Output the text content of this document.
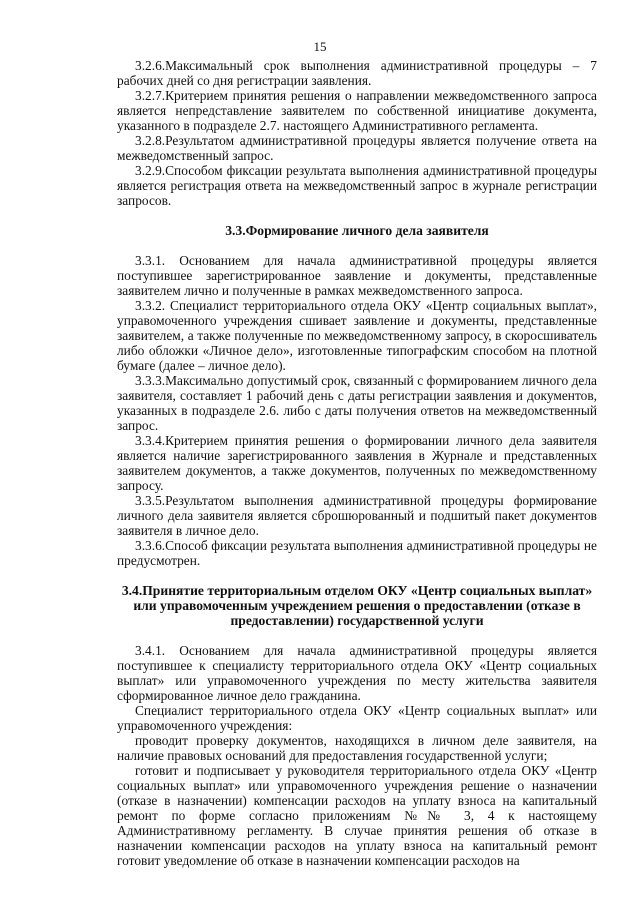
15

3.2.6.Максимальный срок выполнения административной процедуры – 7 рабочих дней со дня регистрации заявления.

3.2.7.Критерием принятия решения о направлении межведомственного запроса является непредставление заявителем по собственной инициативе документа, указанного в подразделе 2.7. настоящего Административного регламента.

3.2.8.Результатом административной процедуры является получение ответа на межведомственный запрос.

3.2.9.Способом фиксации результата выполнения административной процедуры является регистрация ответа на межведомственный запрос в журнале регистрации запросов.

3.3.Формирование личного дела заявителя

3.3.1. Основанием для начала административной процедуры является поступившее зарегистрированное заявление и документы, представленные заявителем лично и полученные в рамках межведомственного запроса.

3.3.2. Специалист территориального отдела ОКУ «Центр социальных выплат», управомоченного учреждения сшивает заявление и документы, представленные заявителем, а также полученные по межведомственному запросу, в скоросшиватель либо обложки «Личное дело», изготовленные типографским способом на плотной бумаге (далее – личное дело).

3.3.3.Максимально допустимый срок, связанный с формированием личного дела заявителя, составляет 1 рабочий день с даты регистрации заявления и документов, указанных в подразделе 2.6. либо с даты получения ответов на межведомственный запрос.

3.3.4.Критерием принятия решения о формировании личного дела заявителя является наличие зарегистрированного заявления в Журнале и представленных заявителем документов, а также документов, полученных по межведомственному запросу.

3.3.5.Результатом выполнения административной процедуры формирование личного дела заявителя является сброшюрованный и подшитый пакет документов заявителя в личное дело.

3.3.6.Способ фиксации результата выполнения административной процедуры не предусмотрен.

3.4.Принятие территориальным отделом ОКУ «Центр социальных выплат» или управомоченным учреждением решения о предоставлении (отказе в предоставлении) государственной услуги

3.4.1. Основанием для начала административной процедуры является поступившее к специалисту территориального отдела ОКУ «Центр социальных выплат» или управомоченного учреждения по месту жительства заявителя сформированное личное дело гражданина.

Специалист территориального отдела ОКУ «Центр социальных выплат» или управомоченного учреждения:

проводит проверку документов, находящихся в личном деле заявителя, на наличие правовых оснований для предоставления государственной услуги;

готовит и подписывает у руководителя территориального отдела ОКУ «Центр социальных выплат» или управомоченного учреждения решение о назначении (отказе в назначении) компенсации расходов на уплату взноса на капитальный ремонт по форме согласно приложениям №№ 3, 4 к настоящему Административному регламенту. В случае принятия решения об отказе в назначении компенсации расходов на уплату взноса на капитальный ремонт готовит уведомление об отказе в назначении компенсации расходов на
